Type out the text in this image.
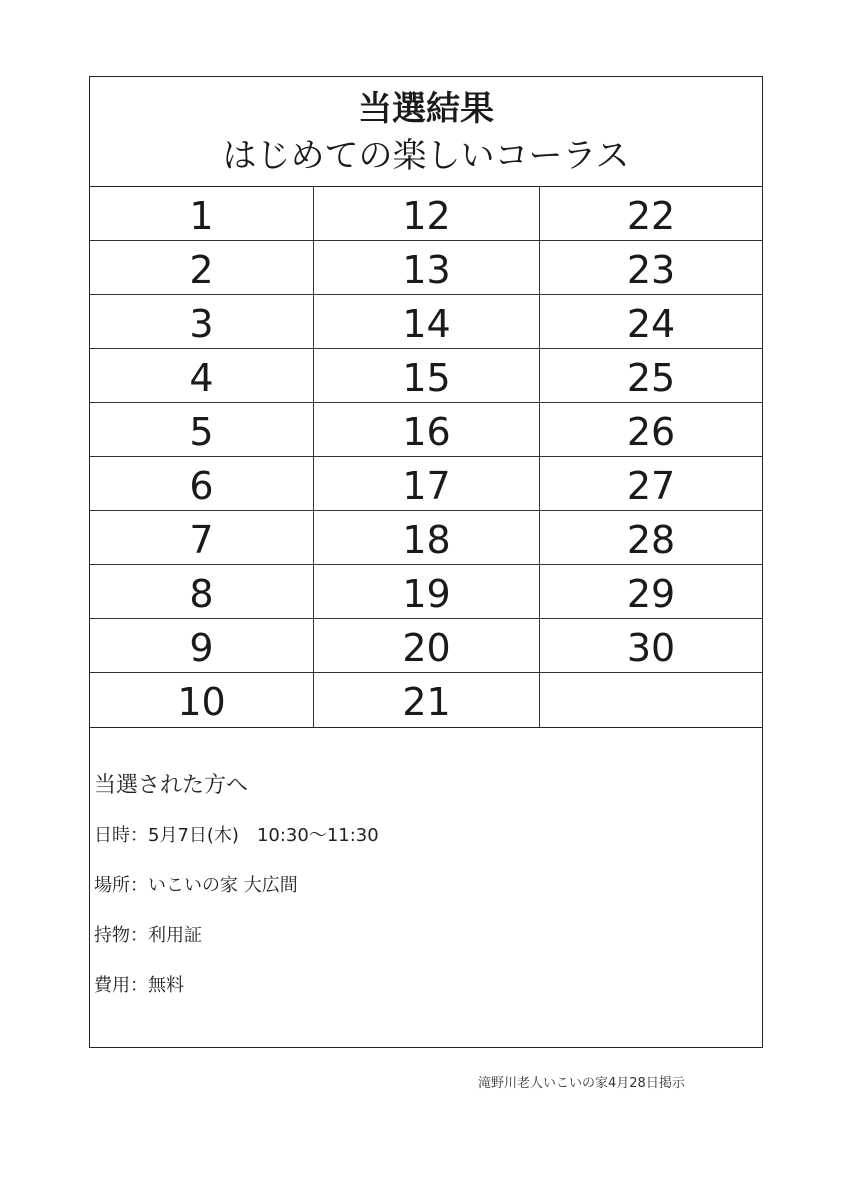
当選結果
はじめての楽しいコーラス
1	12	22
2	13	23
3	14	24
4	15	25
5	16	26
6	17	27
7	18	28
8	19	29
9	20	30
10	21
当選された方へ
日時：5月7日(木)　10:30〜11:30
場所：いこいの家 大広間
持物：利用証
費用：無料
滝野川老人いこいの家4月28日掲示
